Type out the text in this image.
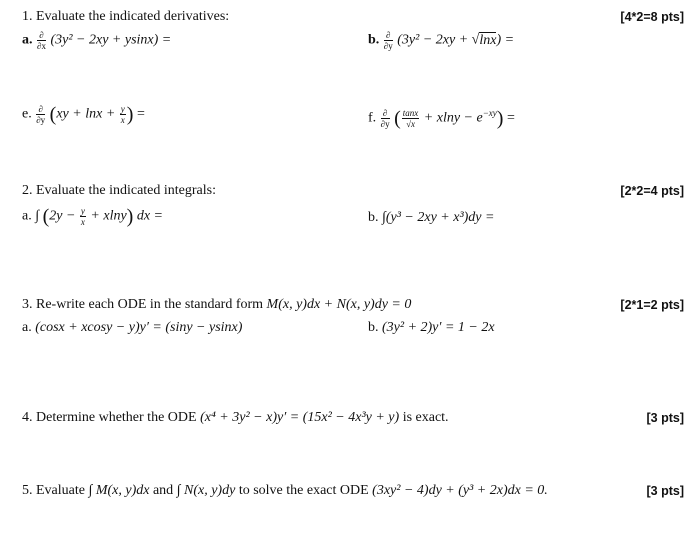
1. Evaluate the indicated derivatives:	[4*2=8 pts]
a. $\frac{\partial}{\partial x} (3y^2 - 2xy + ysinx)$ =	b. $\frac{\partial}{\partial y} (3y^2 - 2xy + √\ln x)$ =
e. $\frac{\partial}{\partial y} (xy + \ln x + \frac{y}{x}$ ) =	f. $\frac{\partial}{\partial y}$ ( $\frac{\tan x}{√x} + xlny - e^{-xy}$) =
2. Evaluate the indicated integrals:	[2*2=4 pts]
a. ∫ $(2y - \frac{y}{x} + xlny)$ dx =	b. ∫(y³ − 2xy + x³)dy =
3. Re-write each ODE in the standard form M(x, y)dx + N(x, y)dy = 0	[2*1=2 pts]
a. (cosx + xcosy − y)y′ = (siny − ysinx)	b. (3y² + 2)y′ = 1 − 2x
4. Determine whether the ODE (x⁴ + 3y² − x)y′ = (15x² − 4x³y + y) is exact.	[3 pts]
5. Evaluate ∫ M(x, y)dx and ∫ N(x, y)dy to solve the exact ODE (3xy² − 4)dy + (y³ + 2x)dx = 0.	[3 pts]
